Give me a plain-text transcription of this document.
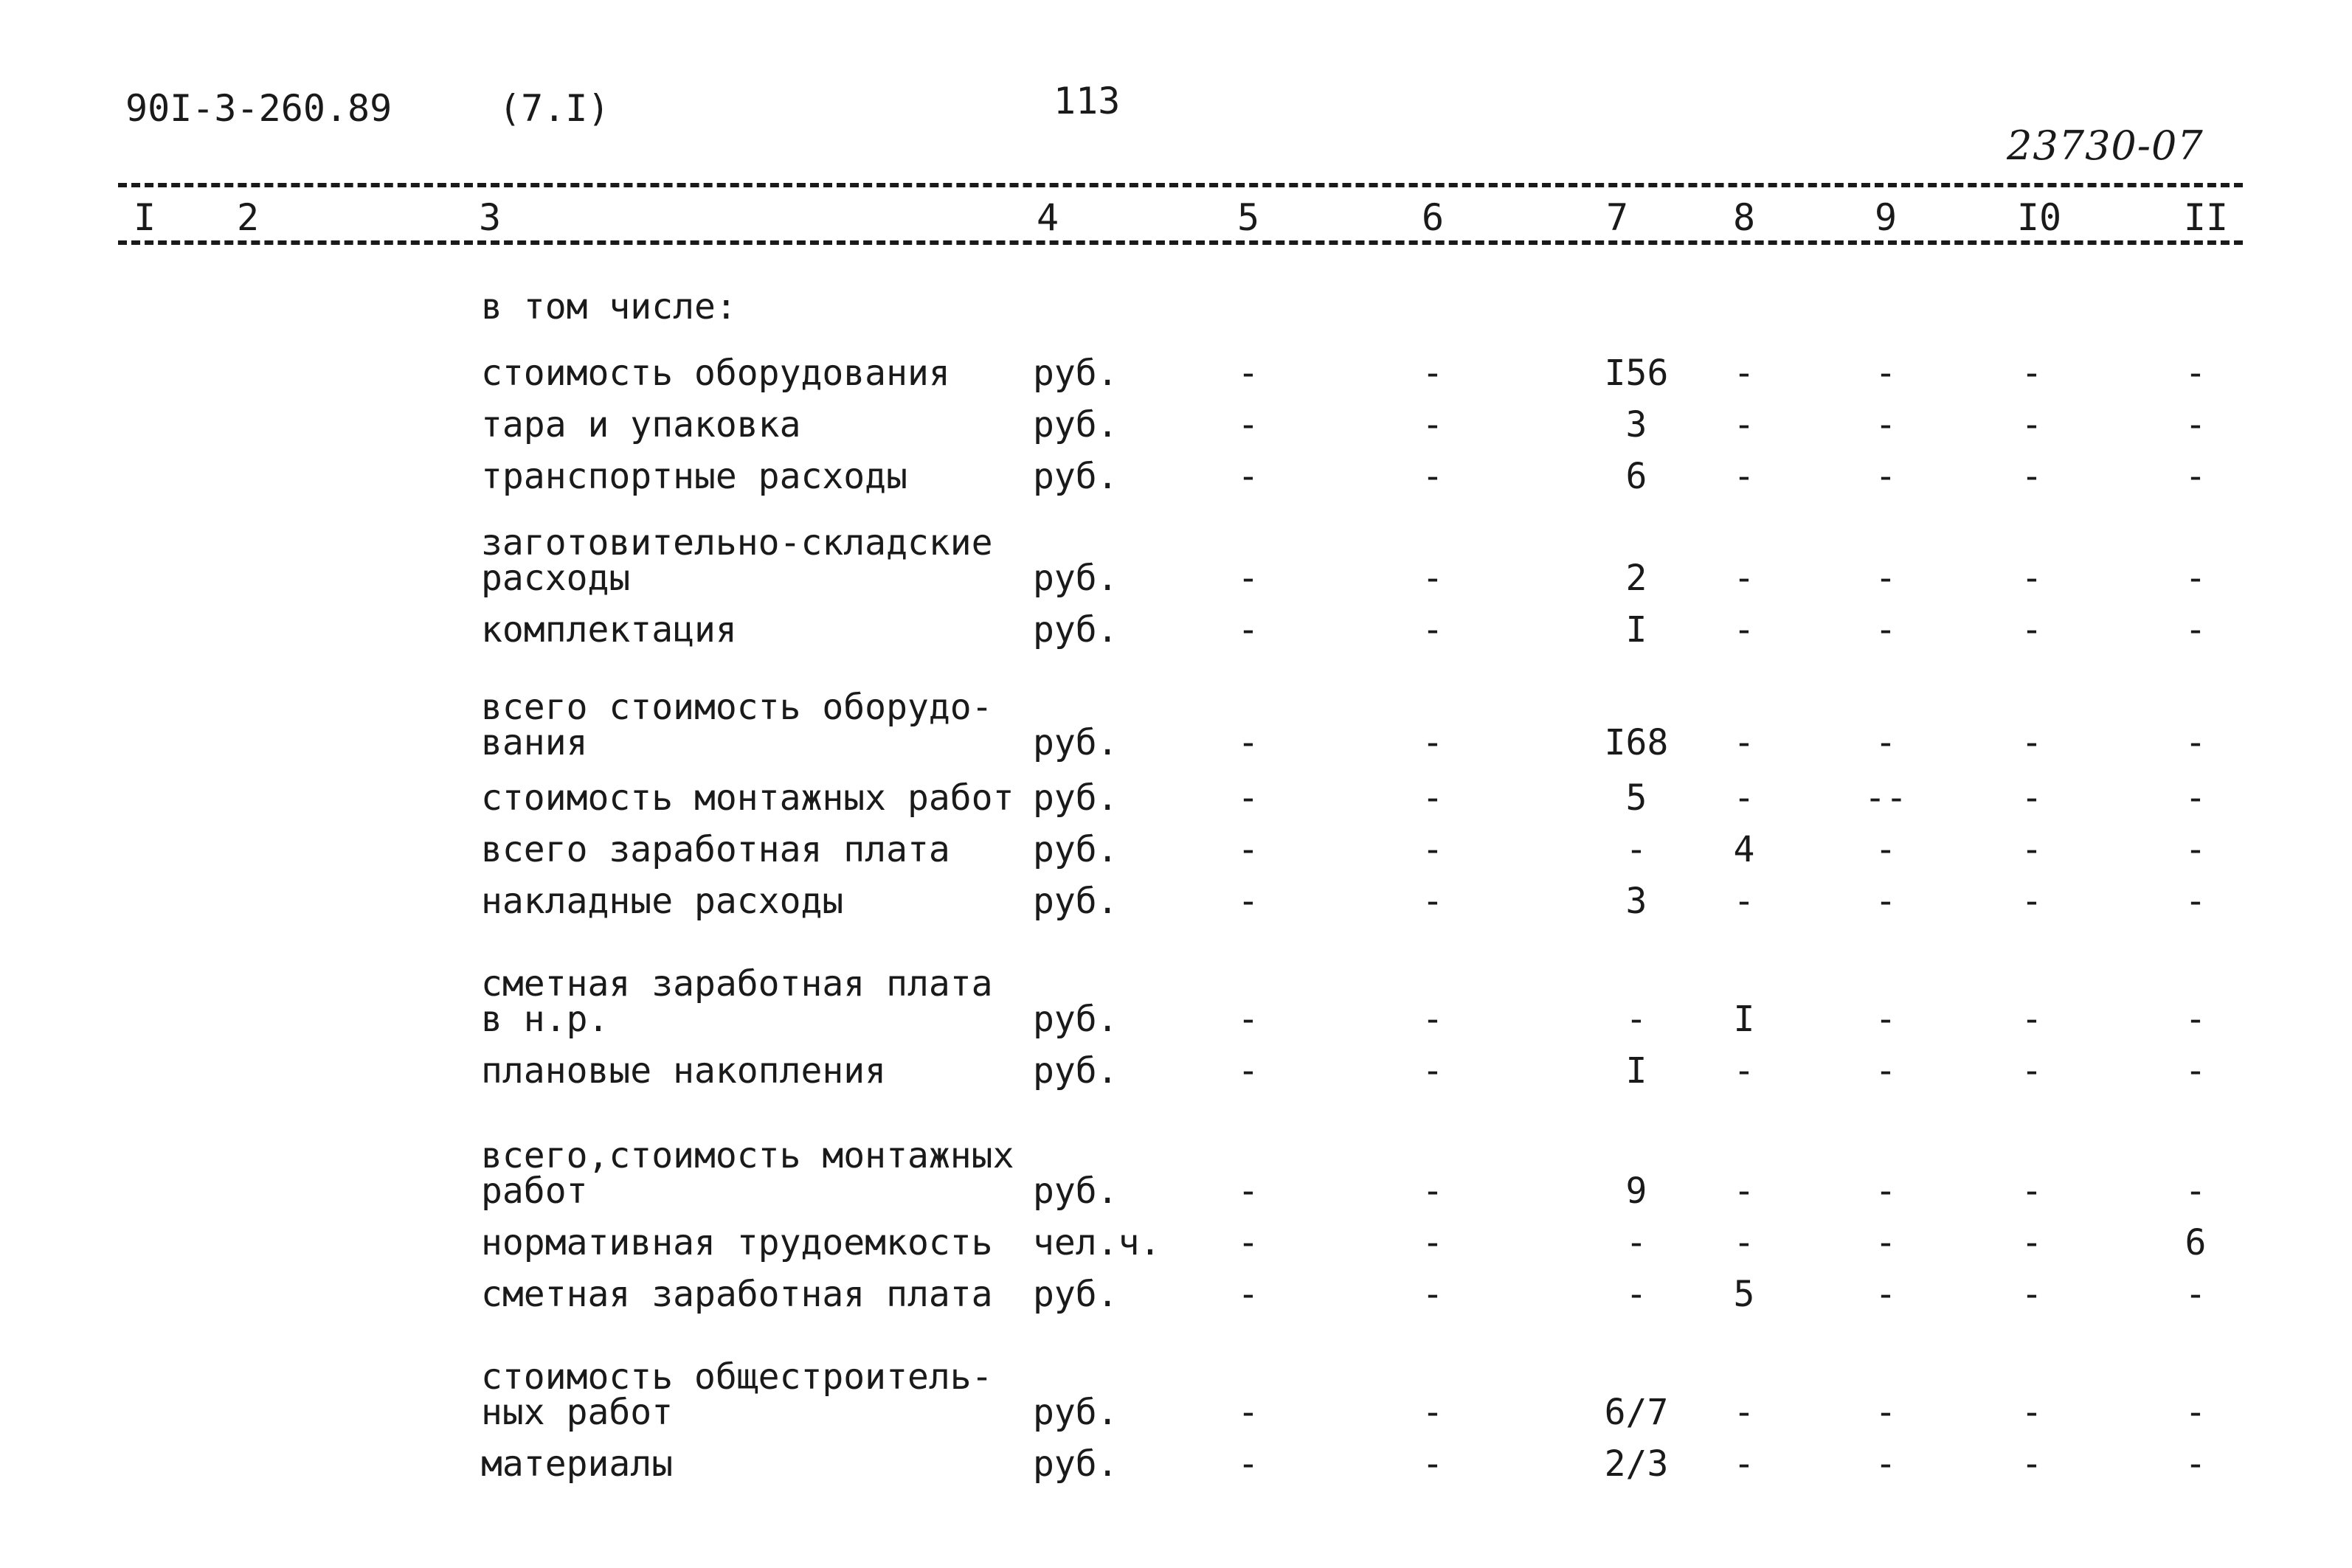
90I-3-260.89	(7.I)	113
23730-07
I 2	3	4	5	6	7	8	9	I0	II
в том числе:
стоимость оборудования руб.	-	-	I56 -	-	-	-
тара и упаковка	руб.	-	-	3 -	-	-	-
транспортные расходы	руб.	-	-	6 -	-	-	-
заготовительно-складские
расходы	руб.	-	-	2 -	-	-	-
комплектация	руб.	-	-	I -	-	-	-
всего стоимость оборудо-
вания	руб.	-	-	I68 -	-	-	-
стоимость монтажных работ руб.	-	-	5 -	--	-	-
всего заработная плата руб.	-	-	- 4	-	-	-
накладные расходы	руб.	-	-	3 -	-	-	-
сметная заработная плата
в н.р.	руб.	-	-	- I	-	-	-
плановые накопления	руб.	-	-	I -	-	-	-
всего,стоимость монтажных
работ	руб.	-	-	9 -	-	-	-
нормативная трудоемкость чел.ч. -	-	- -	-	-	6
сметная заработная плата руб.	-	-	- 5	-	-	-
стоимость общестроитель-
ных работ	руб.	-	-	6/7 -	-	-	-
материалы	руб.	-	-	2/3 -	-	-	-
